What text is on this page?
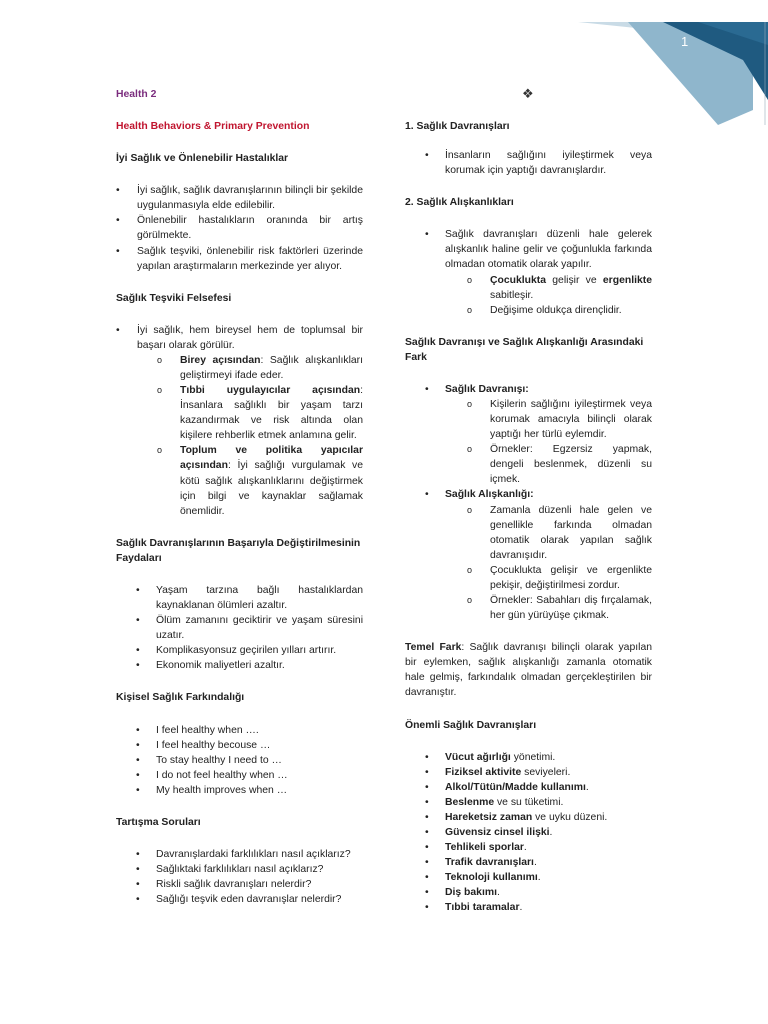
1
❖
Health 2
Health Behaviors & Primary Prevention
İyi Sağlık ve Önlenebilir Hastalıklar
• İyi sağlık, sağlık davranışlarının bilinçli bir şekilde uygulanmasıyla elde edilebilir.
• Önlenebilir hastalıkların oranında bir artış görülmekte.
• Sağlık teşviki, önlenebilir risk faktörleri üzerinde yapılan araştırmaların merkezinde yer alıyor.
Sağlık Teşviki Felsefesi
• İyi sağlık, hem bireysel hem de toplumsal bir başarı olarak görülür.
o Birey açısından: Sağlık alışkanlıkları geliştirmeyi ifade eder.
o Tıbbi uygulayıcılar açısından: İnsanlara sağlıklı bir yaşam tarzı kazandırmak ve risk altında olan kişilere rehberlik etmek anlamına gelir.
o Toplum ve politika yapıcılar açısından: İyi sağlığı vurgulamak ve kötü sağlık alışkanlıklarını değiştirmek için bilgi ve kaynaklar sağlamak önemlidir.
Sağlık Davranışlarının Başarıyla Değiştirilmesinin Faydaları
• Yaşam tarzına bağlı hastalıklardan kaynaklanan ölümleri azaltır.
• Ölüm zamanını geciktirir ve yaşam süresini uzatır.
• Komplikasyonsuz geçirilen yılları artırır.
• Ekonomik maliyetleri azaltır.
Kişisel Sağlık Farkındalığı
• I feel healthy when ….
• I feel healthy becouse …
• To stay healthy I need to …
• I do not feel healthy when …
• My health improves when …
Tartışma Soruları
• Davranışlardaki farklılıkları nasıl açıklarız?
• Sağlıktaki farklılıkları nasıl açıklarız?
• Riskli sağlık davranışları nelerdir?
• Sağlığı teşvik eden davranışlar nelerdir?
1. Sağlık Davranışları
• İnsanların sağlığını iyileştirmek veya korumak için yaptığı davranışlardır.
2. Sağlık Alışkanlıkları
• Sağlık davranışları düzenli hale gelerek alışkanlık haline gelir ve çoğunlukla farkında olmadan otomatik olarak yapılır.
o Çocuklukta gelişir ve ergenlikte sabitleşir.
o Değişime oldukça dirençlidir.
Sağlık Davranışı ve Sağlık Alışkanlığı Arasındaki Fark
• Sağlık Davranışı:
o Kişilerin sağlığını iyileştirmek veya korumak amacıyla bilinçli olarak yaptığı her türlü eylemdir.
o Örnekler: Egzersiz yapmak, dengeli beslenmek, düzenli su içmek.
• Sağlık Alışkanlığı:
o Zamanla düzenli hale gelen ve genellikle farkında olmadan otomatik olarak yapılan sağlık davranışıdır.
o Çocuklukta gelişir ve ergenlikte pekişir, değiştirilmesi zordur.
o Örnekler: Sabahları diş fırçalamak, her gün yürüyüşe çıkmak.

Temel Fark: Sağlık davranışı bilinçli olarak yapılan bir eylemken, sağlık alışkanlığı zamanla otomatik hale gelmiş, farkındalık olmadan gerçekleştirilen bir davranıştır.

Önemli Sağlık Davranışları
• Vücut ağırlığı yönetimi.
• Fiziksel aktivite seviyeleri.
• Alkol/Tütün/Madde kullanımı.
• Beslenme ve su tüketimi.
• Hareketsiz zaman ve uyku düzeni.
• Güvensiz cinsel ilişki.
• Tehlikeli sporlar.
• Trafik davranışları.
• Teknoloji kullanımı.
• Diş bakımı.
• Tıbbi taramalar.
